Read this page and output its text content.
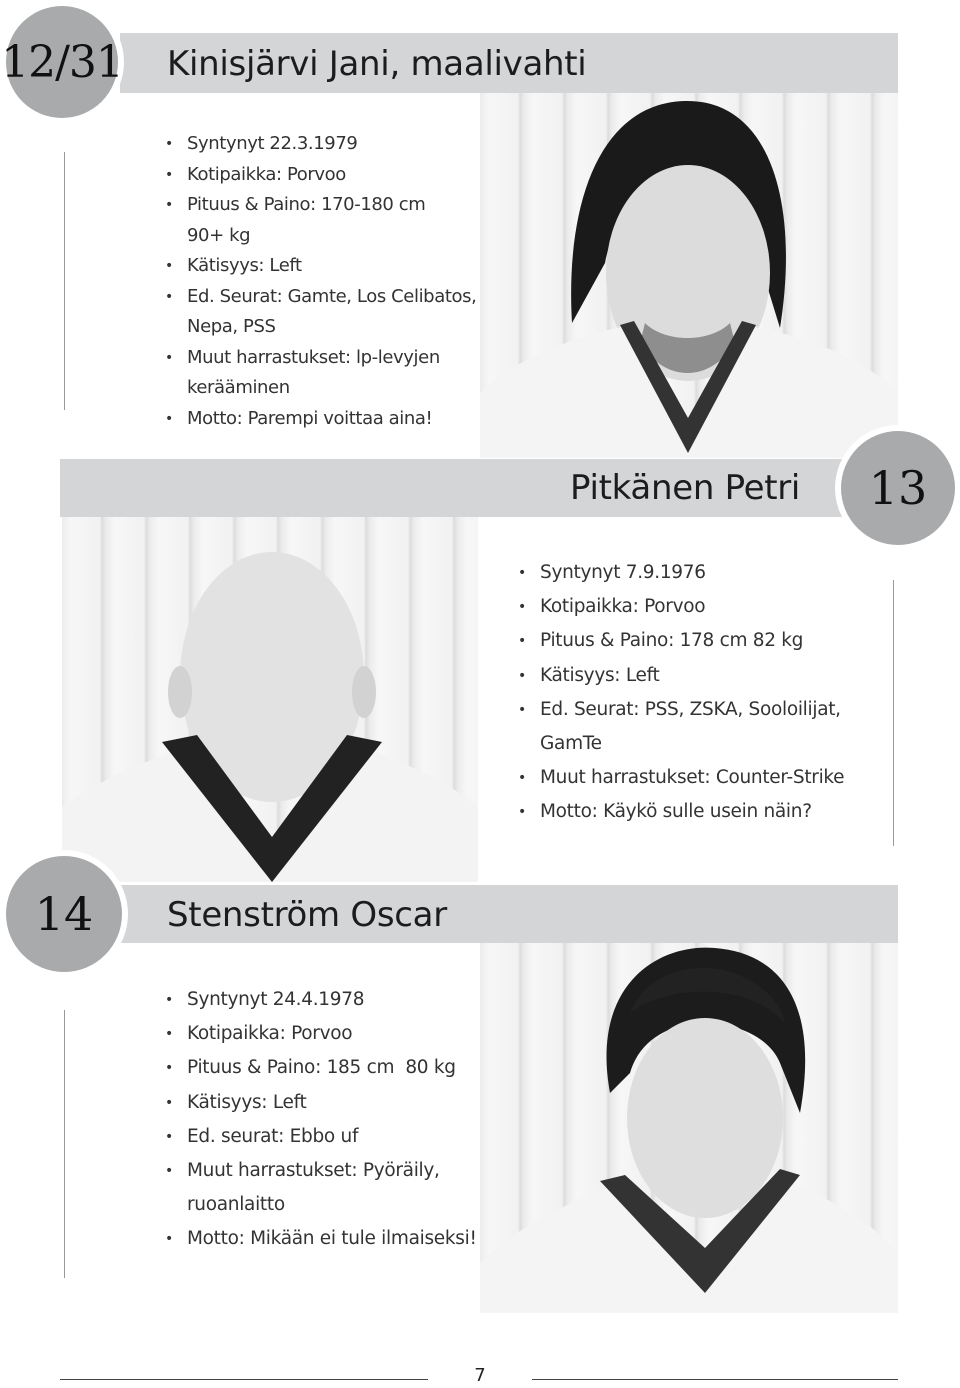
12/31 Kinisjärvi Jani, maalivahti
• Syntynyt 22.3.1979
• Kotipaikka: Porvoo
• Pituus & Paino: 170-180 cm
90+ kg
• Kätisyys: Left
• Ed. Seurat: Gamte, Los Celibatos,
Nepa, PSS
• Muut harrastukset: lp-levyjen
kerääminen
• Motto: Parempi voittaa aina!
Pitkänen Petri 13
• Syntynyt 7.9.1976
• Kotipaikka: Porvoo
• Pituus & Paino: 178 cm 82 kg
• Kätisyys: Left
• Ed. Seurat: PSS, ZSKA, Sooloilijat,
GamTe
• Muut harrastukset: Counter-Strike
• Motto: Käykö sulle usein näin?
14 Stenström Oscar
• Syntynyt 24.4.1978
• Kotipaikka: Porvoo
• Pituus & Paino: 185 cm  80 kg
• Kätisyys: Left
• Ed. seurat: Ebbo uf
• Muut harrastukset: Pyöräily,
ruoanlaitto
• Motto: Mikään ei tule ilmaiseksi!
7
